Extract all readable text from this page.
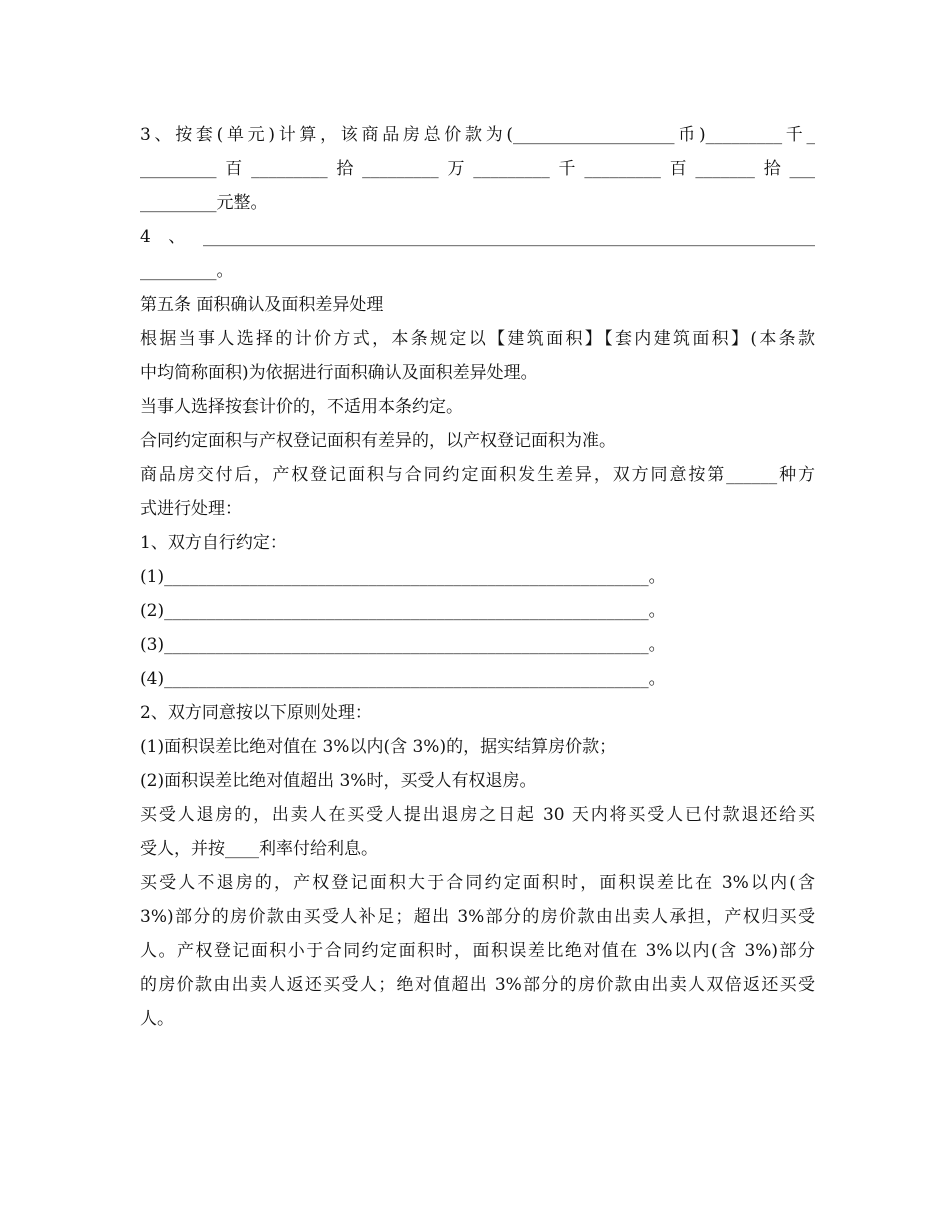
3、按套(单元)计算，该商品房总价款为(___________________币)_________千_
_________百_________拾_________万_________千_________百_______拾___
_________元整。
4、________________________________________________________________________
_________。
第五条 面积确认及面积差异处理
根据当事人选择的计价方式，本条规定以【建筑面积】【套内建筑面积】(本条款
中均简称面积)为依据进行面积确认及面积差异处理。
当事人选择按套计价的，不适用本条约定。
合同约定面积与产权登记面积有差异的，以产权登记面积为准。
商品房交付后，产权登记面积与合同约定面积发生差异，双方同意按第______种方
式进行处理：
1、双方自行约定：
(1)_________________________________________________________。
(2)_________________________________________________________。
(3)_________________________________________________________。
(4)_________________________________________________________。
2、双方同意按以下原则处理：
(1)面积误差比绝对值在 3%以内(含 3%)的，据实结算房价款；
(2)面积误差比绝对值超出 3%时，买受人有权退房。
买受人退房的，出卖人在买受人提出退房之日起 30 天内将买受人已付款退还给买
受人，并按____利率付给利息。
买受人不退房的，产权登记面积大于合同约定面积时，面积误差比在 3%以内(含
3%)部分的房价款由买受人补足；超出 3%部分的房价款由出卖人承担，产权归买受
人。产权登记面积小于合同约定面积时，面积误差比绝对值在 3%以内(含 3%)部分
的房价款由出卖人返还买受人；绝对值超出 3%部分的房价款由出卖人双倍返还买受
人。
